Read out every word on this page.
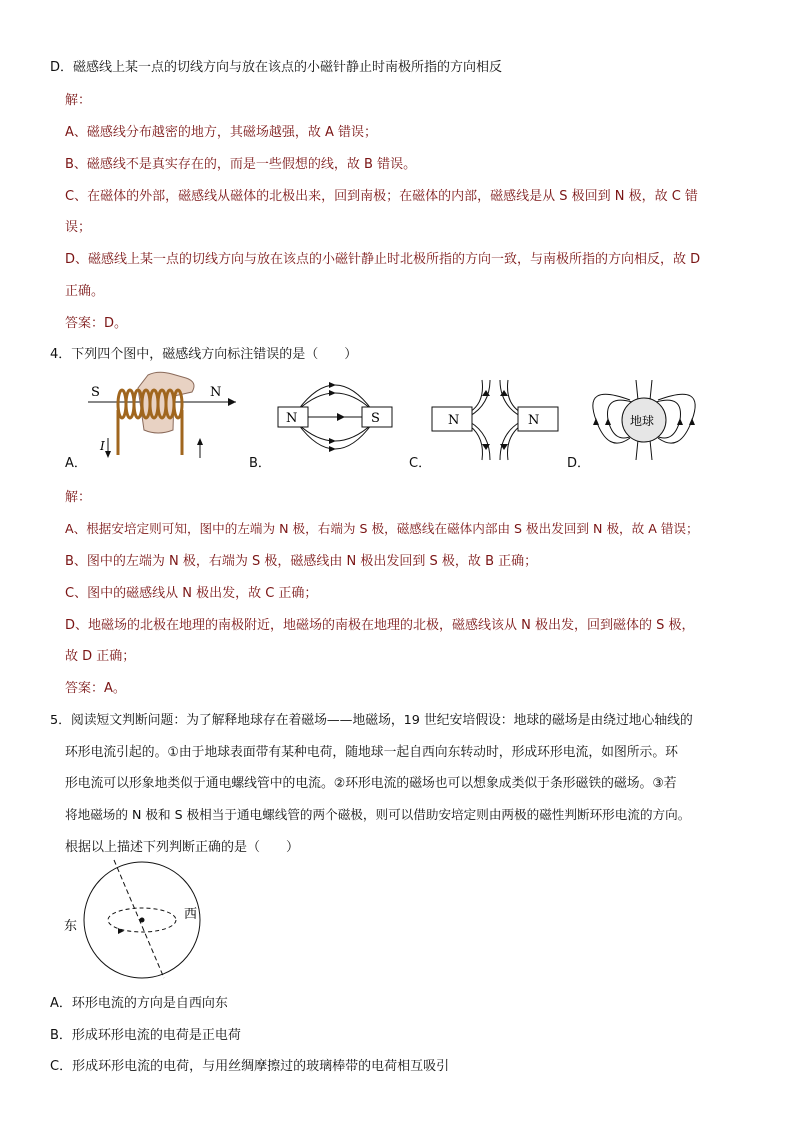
D．磁感线上某一点的切线方向与放在该点的小磁针静止时南极所指的方向相反
解：
A、磁感线分布越密的地方，其磁场越强，故 A 错误；
B、磁感线不是真实存在的，而是一些假想的线，故 B 错误。
C、在磁体的外部，磁感线从磁体的北极出来，回到南极；在磁体的内部，磁感线是从 S 极回到 N 极，故 C 错
误；
D、磁感线上某一点的切线方向与放在该点的小磁针静止时北极所指的方向一致，与南极所指的方向相反，故 D
正确。
答案：D。
4．下列四个图中，磁感线方向标注错误的是（　　）
A．
S	N
I
B．
N	S
C．
N	N
D．
地球
解：
A、根据安培定则可知，图中的左端为 N 极，右端为 S 极，磁感线在磁体内部由 S 极出发回到 N 极，故 A 错误；
B、图中的左端为 N 极，右端为 S 极，磁感线由 N 极出发回到 S 极，故 B 正确；
C、图中的磁感线从 N 极出发，故 C 正确；
D、地磁场的北极在地理的南极附近，地磁场的南极在地理的北极，磁感线该从 N 极出发，回到磁体的 S 极，
故 D 正确；
答案：A。
5．阅读短文判断问题：为了解释地球存在着磁场——地磁场，19 世纪安培假设：地球的磁场是由绕过地心轴线的
环形电流引起的。①由于地球表面带有某种电荷，随地球一起自西向东转动时，形成环形电流，如图所示。环
形电流可以形象地类似于通电螺线管中的电流。②环形电流的磁场也可以想象成类似于条形磁铁的磁场。③若
将地磁场的 N 极和 S 极相当于通电螺线管的两个磁极，则可以借助安培定则由两极的磁性判断环形电流的方向。
根据以上描述下列判断正确的是（　　）
东
西
A．环形电流的方向是自西向东
B．形成环形电流的电荷是正电荷
C．形成环形电流的电荷，与用丝绸摩擦过的玻璃棒带的电荷相互吸引
